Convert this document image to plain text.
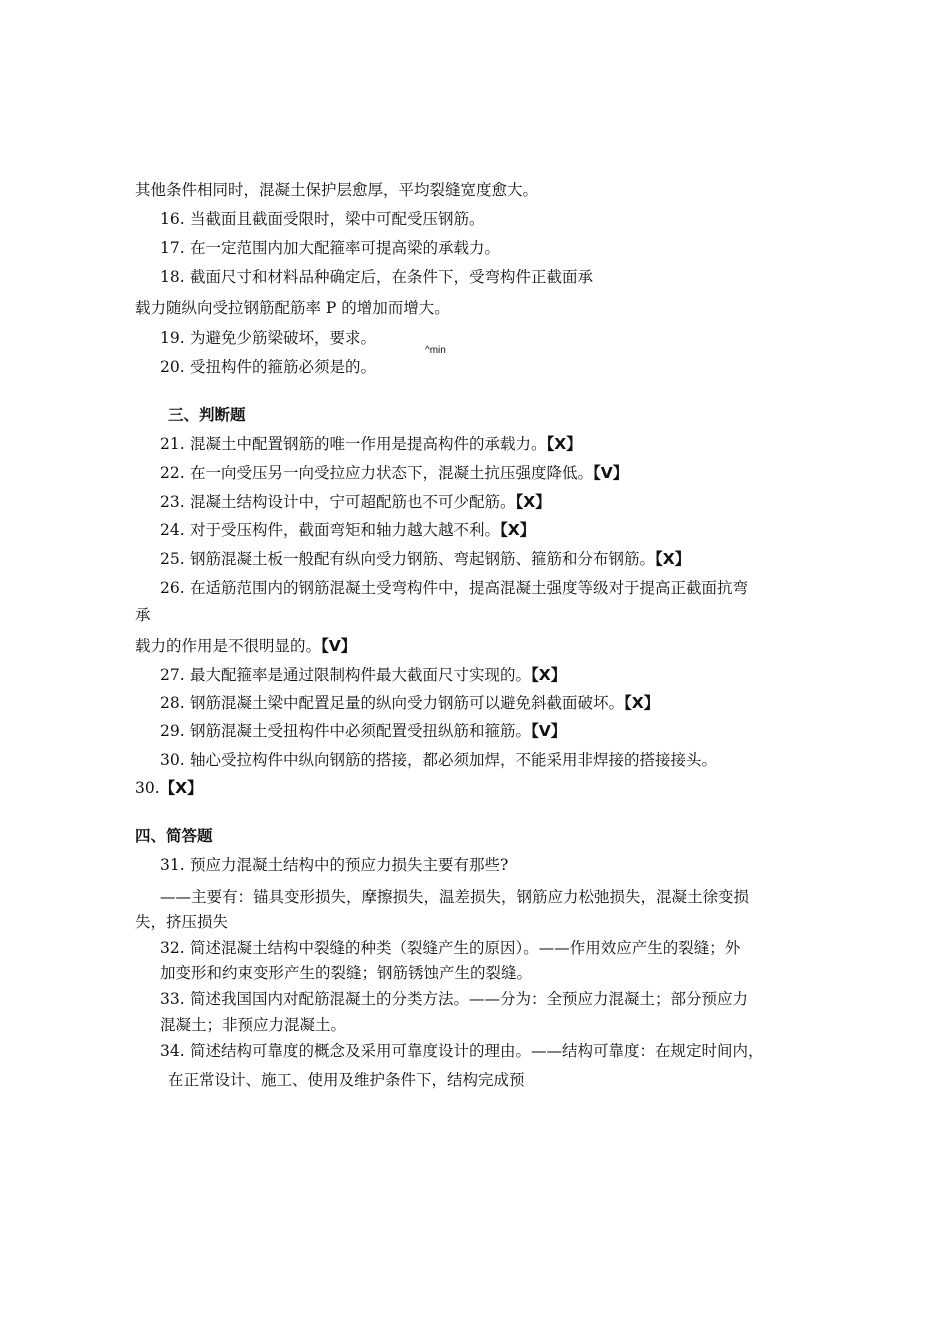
其他条件相同时，混凝土保护层愈厚，平均裂缝宽度愈大。
16. 当截面且截面受限时，梁中可配受压钢筋。
17. 在一定范围内加大配箍率可提高梁的承载力。
18. 截面尺寸和材料品种确定后，在条件下，受弯构件正截面承
载力随纵向受拉钢筋配筋率 P 的增加而增大。
19. 为避免少筋梁破坏，要求。
^min
20. 受扭构件的箍筋必须是的。
三、判断题
21. 混凝土中配置钢筋的唯一作用是提高构件的承载力。【X】
22. 在一向受压另一向受拉应力状态下，混凝土抗压强度降低。【V】
23. 混凝土结构设计中，宁可超配筋也不可少配筋。【X】
24. 对于受压构件，截面弯矩和轴力越大越不利。【X】
25. 钢筋混凝土板一般配有纵向受力钢筋、弯起钢筋、箍筋和分布钢筋。【X】
26. 在适筋范围内的钢筋混凝土受弯构件中，提高混凝土强度等级对于提高正截面抗弯
承
载力的作用是不很明显的。【V】
27. 最大配箍率是通过限制构件最大截面尺寸实现的。【X】
28. 钢筋混凝土梁中配置足量的纵向受力钢筋可以避免斜截面破坏。【X】
29. 钢筋混凝土受扭构件中必须配置受扭纵筋和箍筋。【V】
30. 轴心受拉构件中纵向钢筋的搭接，都必须加焊，不能采用非焊接的搭接接头。
30.【X】
四、简答题
31. 预应力混凝土结构中的预应力损失主要有那些?
——主要有：锚具变形损失，摩擦损失，温差损失，钢筋应力松弛损失，混凝土徐变损
失，挤压损失
32. 简述混凝土结构中裂缝的种类（裂缝产生的原因）。——作用效应产生的裂缝；外
加变形和约束变形产生的裂缝；钢筋锈蚀产生的裂缝。
33. 简述我国国内对配筋混凝土的分类方法。——分为：全预应力混凝土；部分预应力
混凝土；非预应力混凝土。
34. 简述结构可靠度的概念及采用可靠度设计的理由。——结构可靠度：在规定时间内，
在正常设计、施工、使用及维护条件下，结构完成预
